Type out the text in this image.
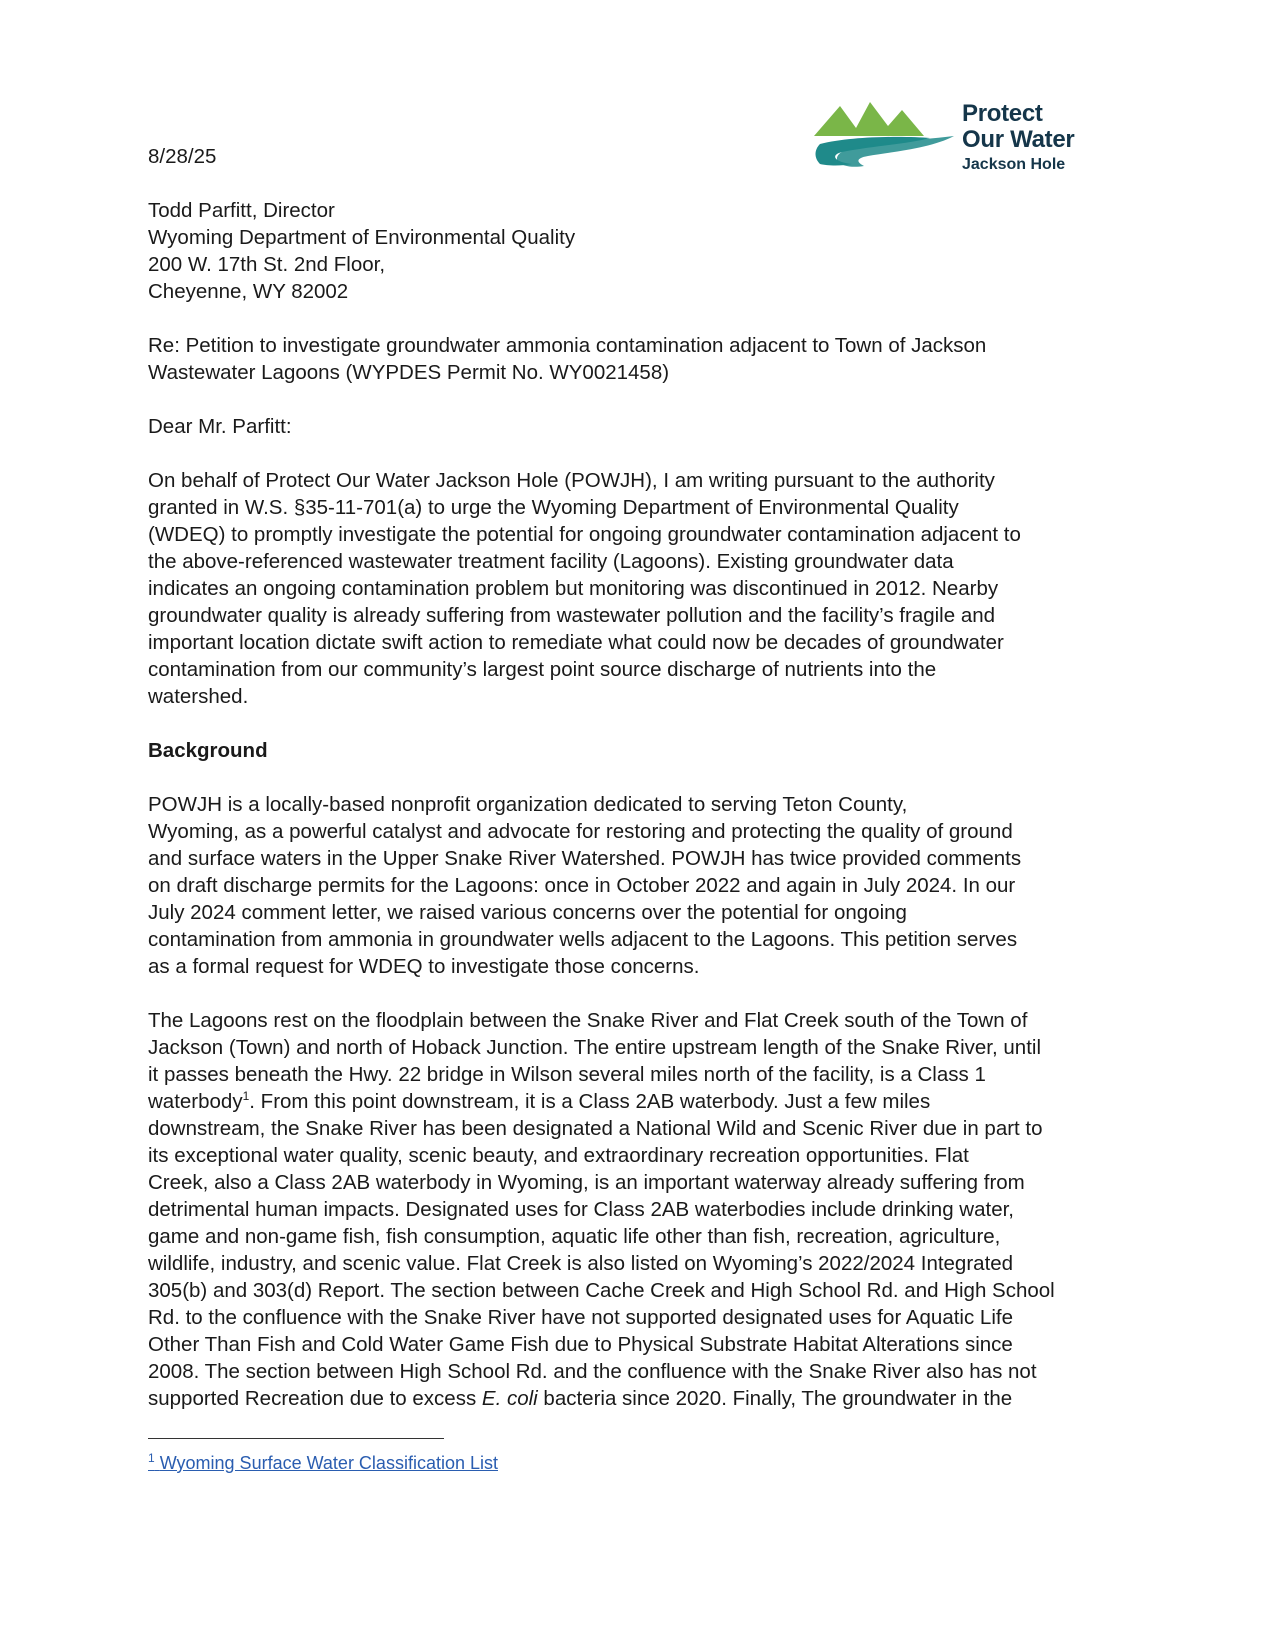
Protect
Our Water
Jackson Hole

8/28/25

Todd Parfitt, Director
Wyoming Department of Environmental Quality
200 W. 17th St. 2nd Floor,
Cheyenne, WY 82002

Re: Petition to investigate groundwater ammonia contamination adjacent to Town of Jackson
Wastewater Lagoons (WYPDES Permit No. WY0021458)

Dear Mr. Parfitt:

On behalf of Protect Our Water Jackson Hole (POWJH), I am writing pursuant to the authority
granted in W.S. §35-11-701(a) to urge the Wyoming Department of Environmental Quality
(WDEQ) to promptly investigate the potential for ongoing groundwater contamination adjacent to
the above-referenced wastewater treatment facility (Lagoons). Existing groundwater data
indicates an ongoing contamination problem but monitoring was discontinued in 2012. Nearby
groundwater quality is already suffering from wastewater pollution and the facility’s fragile and
important location dictate swift action to remediate what could now be decades of groundwater
contamination from our community’s largest point source discharge of nutrients into the
watershed.

Background

POWJH is a locally-based nonprofit organization dedicated to serving Teton County,
Wyoming, as a powerful catalyst and advocate for restoring and protecting the quality of ground
and surface waters in the Upper Snake River Watershed. POWJH has twice provided comments
on draft discharge permits for the Lagoons: once in October 2022 and again in July 2024. In our
July 2024 comment letter, we raised various concerns over the potential for ongoing
contamination from ammonia in groundwater wells adjacent to the Lagoons. This petition serves
as a formal request for WDEQ to investigate those concerns.

The Lagoons rest on the floodplain between the Snake River and Flat Creek south of the Town of
Jackson (Town) and north of Hoback Junction. The entire upstream length of the Snake River, until
it passes beneath the Hwy. 22 bridge in Wilson several miles north of the facility, is a Class 1
waterbody$^1$. From this point downstream, it is a Class 2AB waterbody. Just a few miles
downstream, the Snake River has been designated a National Wild and Scenic River due in part to
its exceptional water quality, scenic beauty, and extraordinary recreation opportunities. Flat
Creek, also a Class 2AB waterbody in Wyoming, is an important waterway already suffering from
detrimental human impacts. Designated uses for Class 2AB waterbodies include drinking water,
game and non-game fish, fish consumption, aquatic life other than fish, recreation, agriculture,
wildlife, industry, and scenic value. Flat Creek is also listed on Wyoming’s 2022/2024 Integrated
305(b) and 303(d) Report. The section between Cache Creek and High School Rd. and High School
Rd. to the confluence with the Snake River have not supported designated uses for Aquatic Life
Other Than Fish and Cold Water Game Fish due to Physical Substrate Habitat Alterations since
2008. The section between High School Rd. and the confluence with the Snake River also has not
supported Recreation due to excess E. coli bacteria since 2020. Finally, The groundwater in the

$^1$ Wyoming Surface Water Classification List
